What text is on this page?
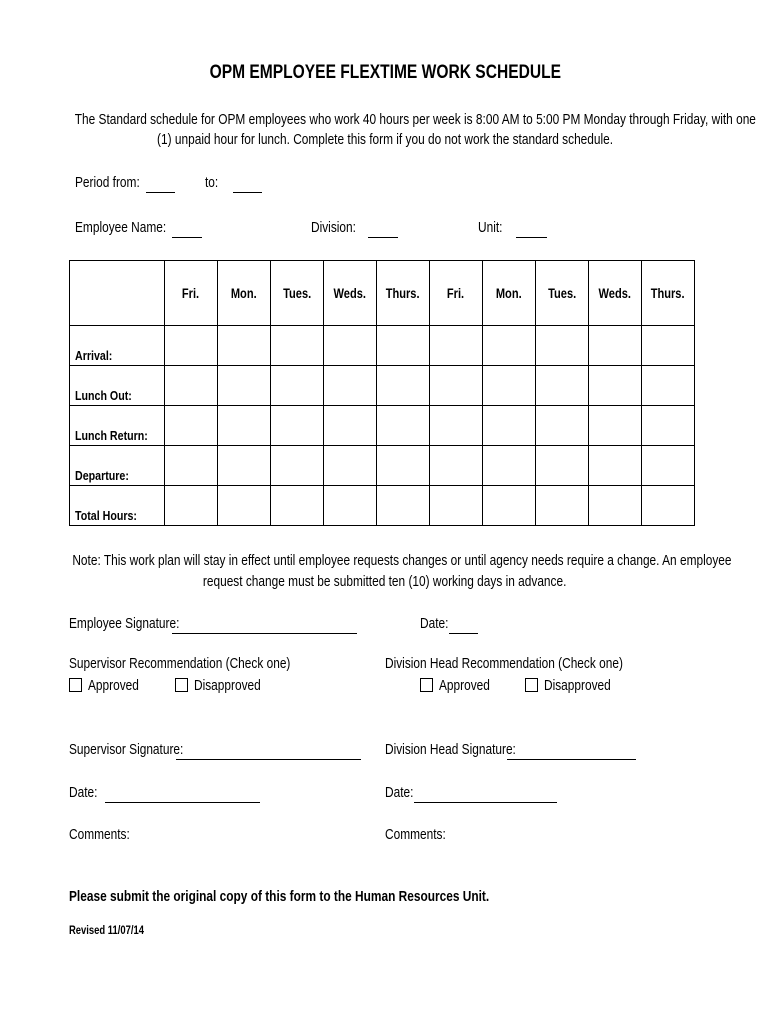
OPM EMPLOYEE FLEXTIME WORK SCHEDULE
The Standard schedule for OPM employees who work 40 hours per week is 8:00 AM to 5:00 PM Monday through Friday, with one
(1) unpaid hour for lunch. Complete this form if you do not work the standard schedule.
Period from:	to:
Employee Name:	Division:	Unit:
	Fri.	Mon.	Tues.	Weds.	Thurs.	Fri.	Mon.	Tues.	Weds.	Thurs.
Arrival:										
Lunch Out:										
Lunch Return:										
Departure:										
Total Hours:										
Note: This work plan will stay in effect until employee requests changes or until agency needs require a change. An employee
request change must be submitted ten (10) working days in advance.
Employee Signature:	Date:
Supervisor Recommendation (Check one)
Approved	Disapproved
Division Head Recommendation (Check one)
Approved	Disapproved
Supervisor Signature:	Division Head Signature:
Date:	Date:
Comments:	Comments:
Please submit the original copy of this form to the Human Resources Unit.
Revised 11/07/14
